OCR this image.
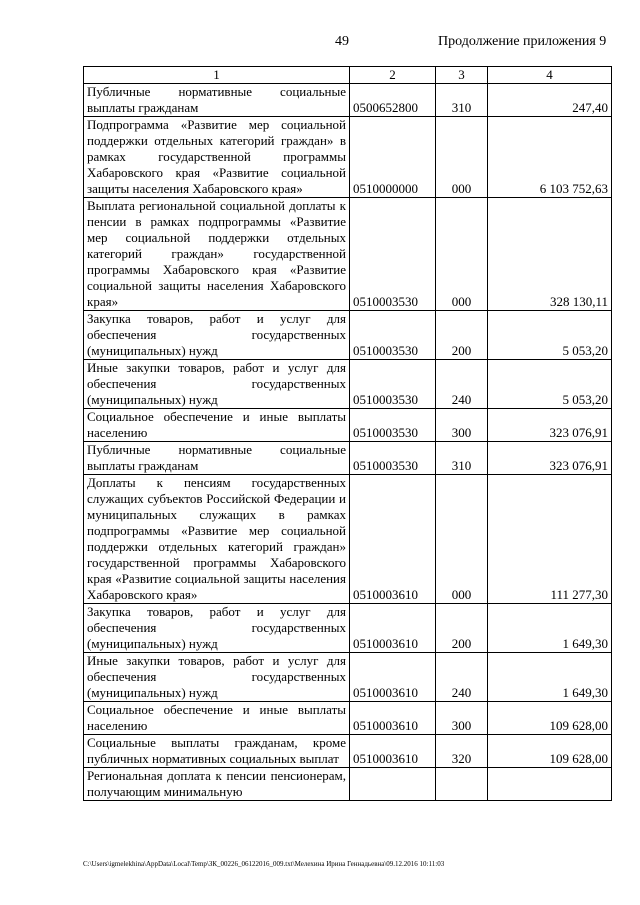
49	Продолжение приложения 9
1	2	3	4
Публичные нормативные социальные выплаты гражданам	0500652800	310	247,40
Подпрограмма «Развитие мер социальной поддержки отдельных категорий граждан» в рамках государственной программы Хабаровского края «Развитие социальной защиты населения Хабаровского края»	0510000000	000	6 103 752,63
Выплата региональной социальной доплаты к пенсии в рамках подпрограммы «Развитие мер социальной поддержки отдельных категорий граждан» государственной программы Хабаровского края «Развитие социальной защиты населения Хабаровского края»	0510003530	000	328 130,11
Закупка товаров, работ и услуг для обеспечения государственных (муниципальных) нужд	0510003530	200	5 053,20
Иные закупки товаров, работ и услуг для обеспечения государственных (муниципальных) нужд	0510003530	240	5 053,20
Социальное обеспечение и иные выплаты населению	0510003530	300	323 076,91
Публичные нормативные социальные выплаты гражданам	0510003530	310	323 076,91
Доплаты к пенсиям государственных служащих субъектов Российской Федерации и муниципальных служащих в рамках подпрограммы «Развитие мер социальной поддержки отдельных категорий граждан» государственной программы Хабаровского края «Развитие социальной защиты населения Хабаровского края»	0510003610	000	111 277,30
Закупка товаров, работ и услуг для обеспечения государственных (муниципальных) нужд	0510003610	200	1 649,30
Иные закупки товаров, работ и услуг для обеспечения государственных (муниципальных) нужд	0510003610	240	1 649,30
Социальное обеспечение и иные выплаты населению	0510003610	300	109 628,00
Социальные выплаты гражданам, кроме публичных нормативных социальных выплат	0510003610	320	109 628,00
Региональная доплата к пенсии пенсионерам, получающим минимальную			
C:\Users\igmelekhina\AppData\Local\Temp\ЗК_00226_06122016_009.txt\Мелехина Ирина Геннадьевна\09.12.2016 10:11:03
